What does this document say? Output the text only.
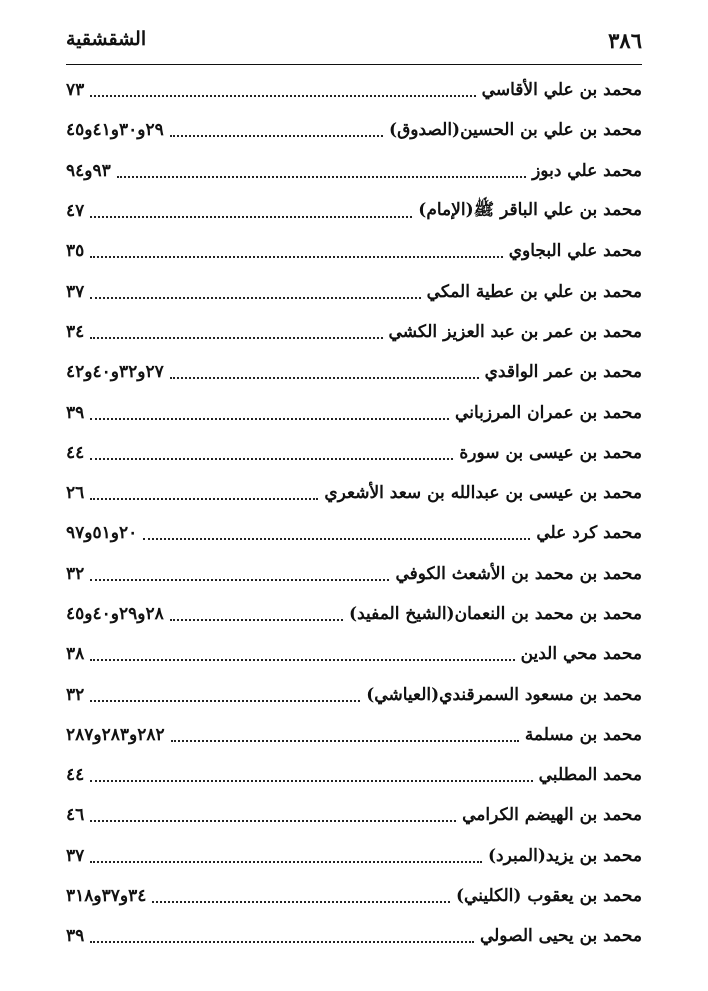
٣٨٦
الشقشقية
محمد بن علي الأقاسي
٧٣
محمد بن علي بن الحسين(الصدوق)
٢٩و٣٠و٤١و٤٥
محمد علي دبوز
٩٣و٩٤
محمد بن علي الباقر ﷺ(الإمام)
٤٧
محمد علي البجاوي
٣٥
محمد بن علي بن عطية المكي
٣٧
محمد بن عمر بن عبد العزيز الكشي
٣٤
محمد بن عمر الواقدي
٢٧و٣٢و٤٠و٤٢
محمد بن عمران المرزباني
٣٩
محمد بن عيسى بن سورة
٤٤
محمد بن عيسى بن عبدالله بن سعد الأشعري
٢٦
محمد كرد علي
٢٠و٥١و٩٧
محمد بن محمد بن الأشعث الكوفي
٣٢
محمد بن محمد بن النعمان(الشيخ المفيد)
٢٨و٢٩و٤٠و٤٥
محمد محي الدين
٣٨
محمد بن مسعود السمرقندي(العياشي)
٣٢
محمد بن مسلمة
٢٨٢و٢٨٣و٢٨٧
محمد المطلبي
٤٤
محمد بن الهيضم الكرامي
٤٦
محمد بن يزيد(المبرد)
٣٧
محمد بن يعقوب (الكليني)
٣٤و٣٧و٣١٨
محمد بن يحيى الصولي
٣٩
